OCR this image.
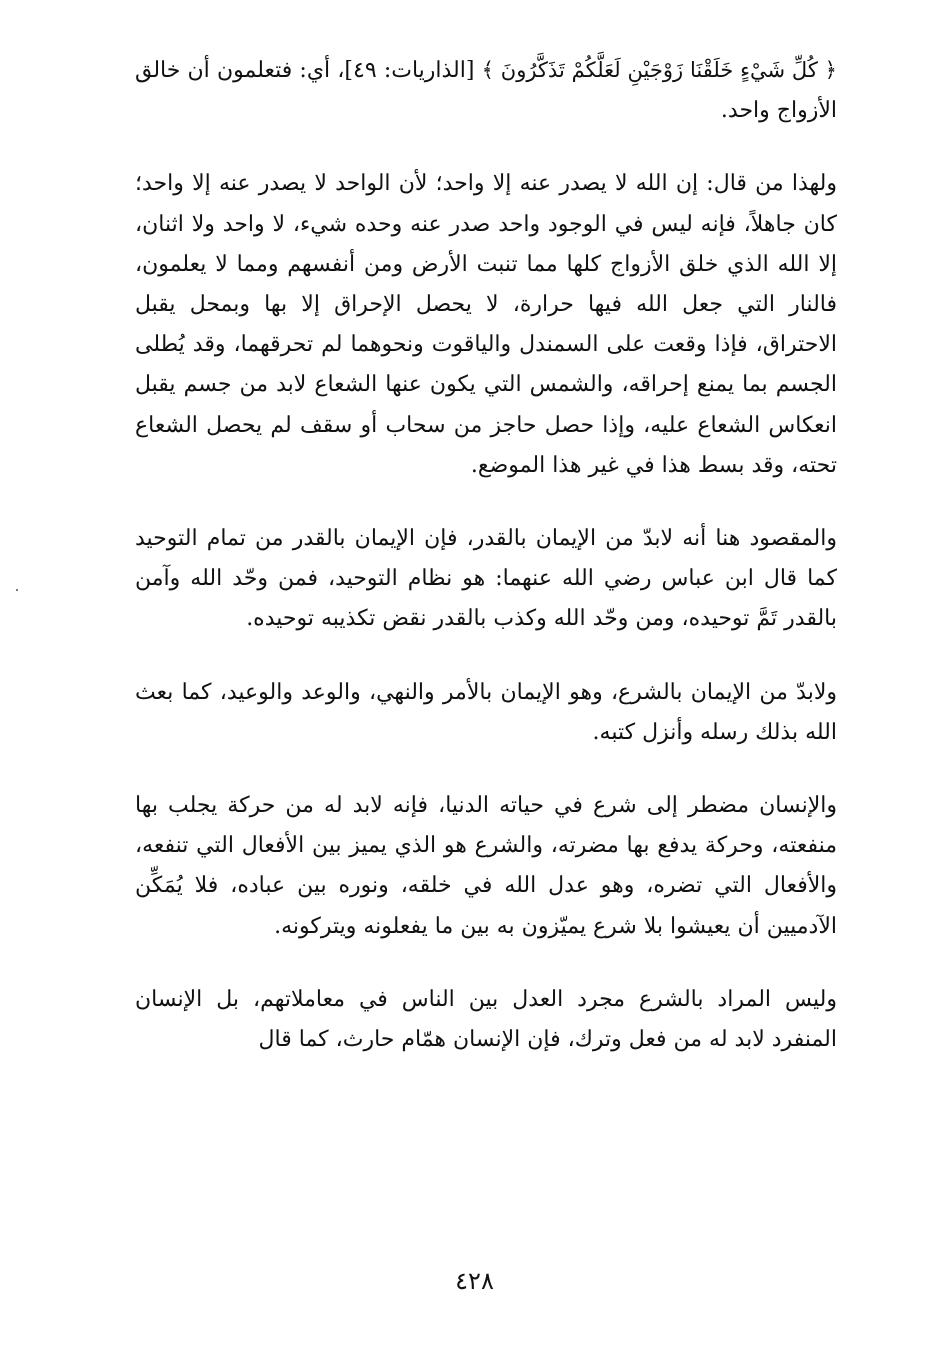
﴿ كُلِّ شَيْءٍ خَلَقْنَا زَوْجَيْنِ لَعَلَّكُمْ تَذَكَّرُونَ ﴾ [الذاريات: ٤٩]، أي: فتعلمون أن خالق الأزواج واحد.

ولهذا من قال: إن الله لا يصدر عنه إلا واحد؛ لأن الواحد لا يصدر عنه إلا واحد؛ كان جاهلاً، فإنه ليس في الوجود واحد صدر عنه وحده شيء، لا واحد ولا اثنان، إلا الله الذي خلق الأزواج كلها مما تنبت الأرض ومن أنفسهم ومما لا يعلمون، فالنار التي جعل الله فيها حرارة، لا يحصل الإحراق إلا بها وبمحل يقبل الاحتراق، فإذا وقعت على السمندل والياقوت ونحوهما لم تحرقهما، وقد يُطلى الجسم بما يمنع إحراقه، والشمس التي يكون عنها الشعاع لابد من جسم يقبل انعكاس الشعاع عليه، وإذا حصل حاجز من سحاب أو سقف لم يحصل الشعاع تحته، وقد بسط هذا في غير هذا الموضع.

والمقصود هنا أنه لابدّ من الإيمان بالقدر، فإن الإيمان بالقدر من تمام التوحيد كما قال ابن عباس رضي الله عنهما: هو نظام التوحيد، فمن وحّد الله وآمن بالقدر تَمَّ توحيده، ومن وحّد الله وكذب بالقدر نقض تكذيبه توحيده.

ولابدّ من الإيمان بالشرع، وهو الإيمان بالأمر والنهي، والوعد والوعيد، كما بعث الله بذلك رسله وأنزل كتبه.

والإنسان مضطر إلى شرع في حياته الدنيا، فإنه لابد له من حركة يجلب بها منفعته، وحركة يدفع بها مضرته، والشرع هو الذي يميز بين الأفعال التي تنفعه، والأفعال التي تضره، وهو عدل الله في خلقه، ونوره بين عباده، فلا يُمَكِّن الآدميين أن يعيشوا بلا شرع يميّزون به بين ما يفعلونه ويتركونه.

وليس المراد بالشرع مجرد العدل بين الناس في معاملاتهم، بل الإنسان المنفرد لابد له من فعل وترك، فإن الإنسان همّام حارث، كما قال

٤٢٨
